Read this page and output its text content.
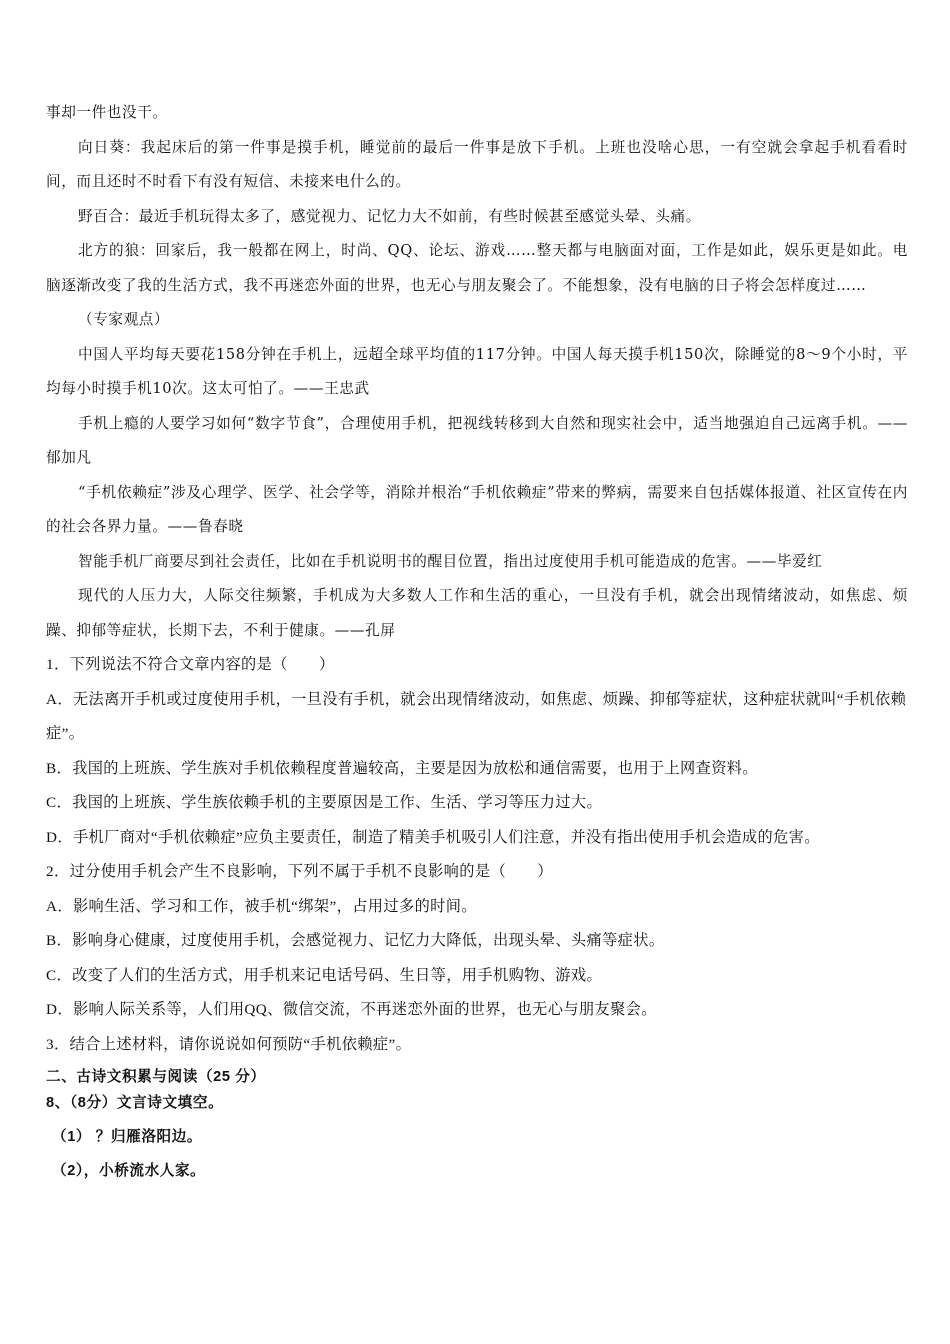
事却一件也没干。

向日葵：我起床后的第一件事是摸手机，睡觉前的最后一件事是放下手机。上班也没啥心思，一有空就会拿起手机看看时间，而且还时不时看下有没有短信、未接来电什么的。

野百合：最近手机玩得太多了，感觉视力、记忆力大不如前，有些时候甚至感觉头晕、头痛。

北方的狼：回家后，我一般都在网上，时尚、QQ、论坛、游戏……整天都与电脑面对面，工作是如此，娱乐更是如此。电脑逐渐改变了我的生活方式，我不再迷恋外面的世界，也无心与朋友聚会了。不能想象，没有电脑的日子将会怎样度过……

（专家观点）

中国人平均每天要花158分钟在手机上，远超全球平均值的117分钟。中国人每天摸手机150次，除睡觉的8～9个小时，平均每小时摸手机10次。这太可怕了。——王忠武

手机上瘾的人要学习如何“数字节食”，合理使用手机，把视线转移到大自然和现实社会中，适当地强迫自己远离手机。——郁加凡

“手机依赖症”涉及心理学、医学、社会学等，消除并根治“手机依赖症”带来的弊病，需要来自包括媒体报道、社区宣传在内的社会各界力量。——鲁春晓

智能手机厂商要尽到社会责任，比如在手机说明书的醒目位置，指出过度使用手机可能造成的危害。——毕爱红

现代的人压力大，人际交往频繁，手机成为大多数人工作和生活的重心，一旦没有手机，就会出现情绪波动，如焦虑、烦躁、抑郁等症状，长期下去，不利于健康。——孔屏

1．下列说法不符合文章内容的是（　　）

A．无法离开手机或过度使用手机，一旦没有手机，就会出现情绪波动，如焦虑、烦躁、抑郁等症状，这种症状就叫“手机依赖症”。

B．我国的上班族、学生族对手机依赖程度普遍较高，主要是因为放松和通信需要，也用于上网查资料。

C．我国的上班族、学生族依赖手机的主要原因是工作、生活、学习等压力过大。

D．手机厂商对“手机依赖症”应负主要责任，制造了精美手机吸引人们注意，并没有指出使用手机会造成的危害。

2．过分使用手机会产生不良影响，下列不属于手机不良影响的是（　　）

A．影响生活、学习和工作，被手机“绑架”，占用过多的时间。

B．影响身心健康，过度使用手机，会感觉视力、记忆力大降低，出现头晕、头痛等症状。

C．改变了人们的生活方式，用手机来记电话号码、生日等，用手机购物、游戏。

D．影响人际关系等，人们用QQ、微信交流，不再迷恋外面的世界，也无心与朋友聚会。

3．结合上述材料，请你说说如何预防“手机依赖症”。

二、古诗文积累与阅读（25 分）

8、（8分）文言诗文填空。

（1） ？归雁洛阳边。

（2），小桥流水人家。
